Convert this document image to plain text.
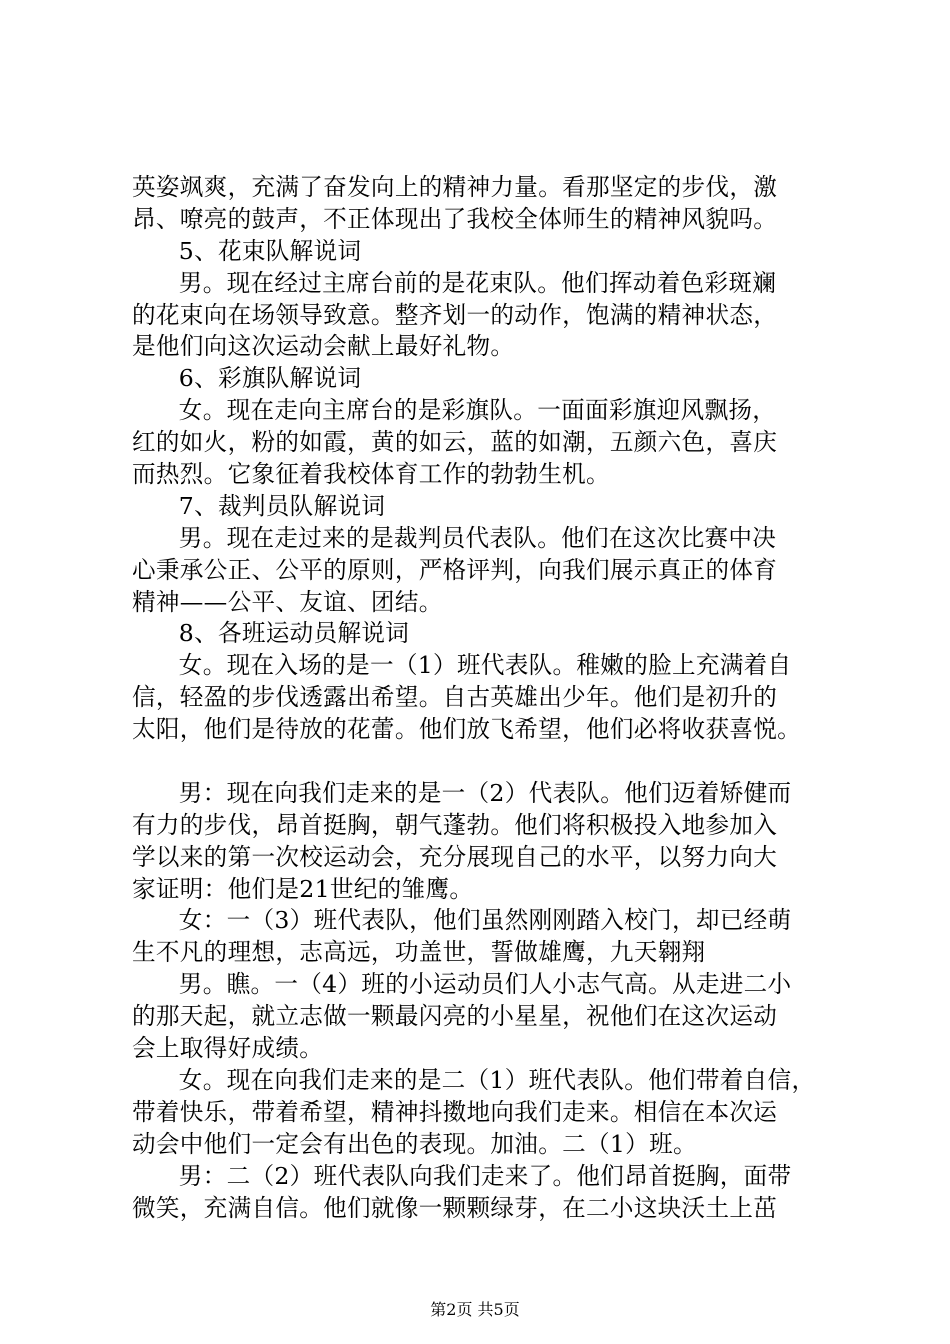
英姿飒爽，充满了奋发向上的精神力量。看那坚定的步伐，激
昂、嘹亮的鼓声，不正体现出了我校全体师生的精神风貌吗。
5、花束队解说词
男。现在经过主席台前的是花束队。他们挥动着色彩斑斓
的花束向在场领导致意。整齐划一的动作，饱满的精神状态，
是他们向这次运动会献上最好礼物。
6、彩旗队解说词
女。现在走向主席台的是彩旗队。一面面彩旗迎风飘扬，
红的如火，粉的如霞，黄的如云，蓝的如潮，五颜六色，喜庆
而热烈。它象征着我校体育工作的勃勃生机。
7、裁判员队解说词
男。现在走过来的是裁判员代表队。他们在这次比赛中决
心秉承公正、公平的原则，严格评判，向我们展示真正的体育
精神——公平、友谊、团结。
8、各班运动员解说词
女。现在入场的是一（1）班代表队。稚嫩的脸上充满着自
信，轻盈的步伐透露出希望。自古英雄出少年。他们是初升的
太阳，他们是待放的花蕾。他们放飞希望，他们必将收获喜悦。
男：现在向我们走来的是一（2）代表队。他们迈着矫健而
有力的步伐，昂首挺胸，朝气蓬勃。他们将积极投入地参加入
学以来的第一次校运动会，充分展现自己的水平，以努力向大
家证明：他们是21世纪的雏鹰。
女：一（3）班代表队，他们虽然刚刚踏入校门，却已经萌
生不凡的理想，志高远，功盖世，誓做雄鹰，九天翱翔
男。瞧。一（4）班的小运动员们人小志气高。从走进二小
的那天起，就立志做一颗最闪亮的小星星，祝他们在这次运动
会上取得好成绩。
女。现在向我们走来的是二（1）班代表队。他们带着自信，
带着快乐，带着希望，精神抖擞地向我们走来。相信在本次运
动会中他们一定会有出色的表现。加油。二（1）班。
男：二（2）班代表队向我们走来了。他们昂首挺胸，面带
微笑，充满自信。他们就像一颗颗绿芽，在二小这块沃土上茁
第2页 共5页
